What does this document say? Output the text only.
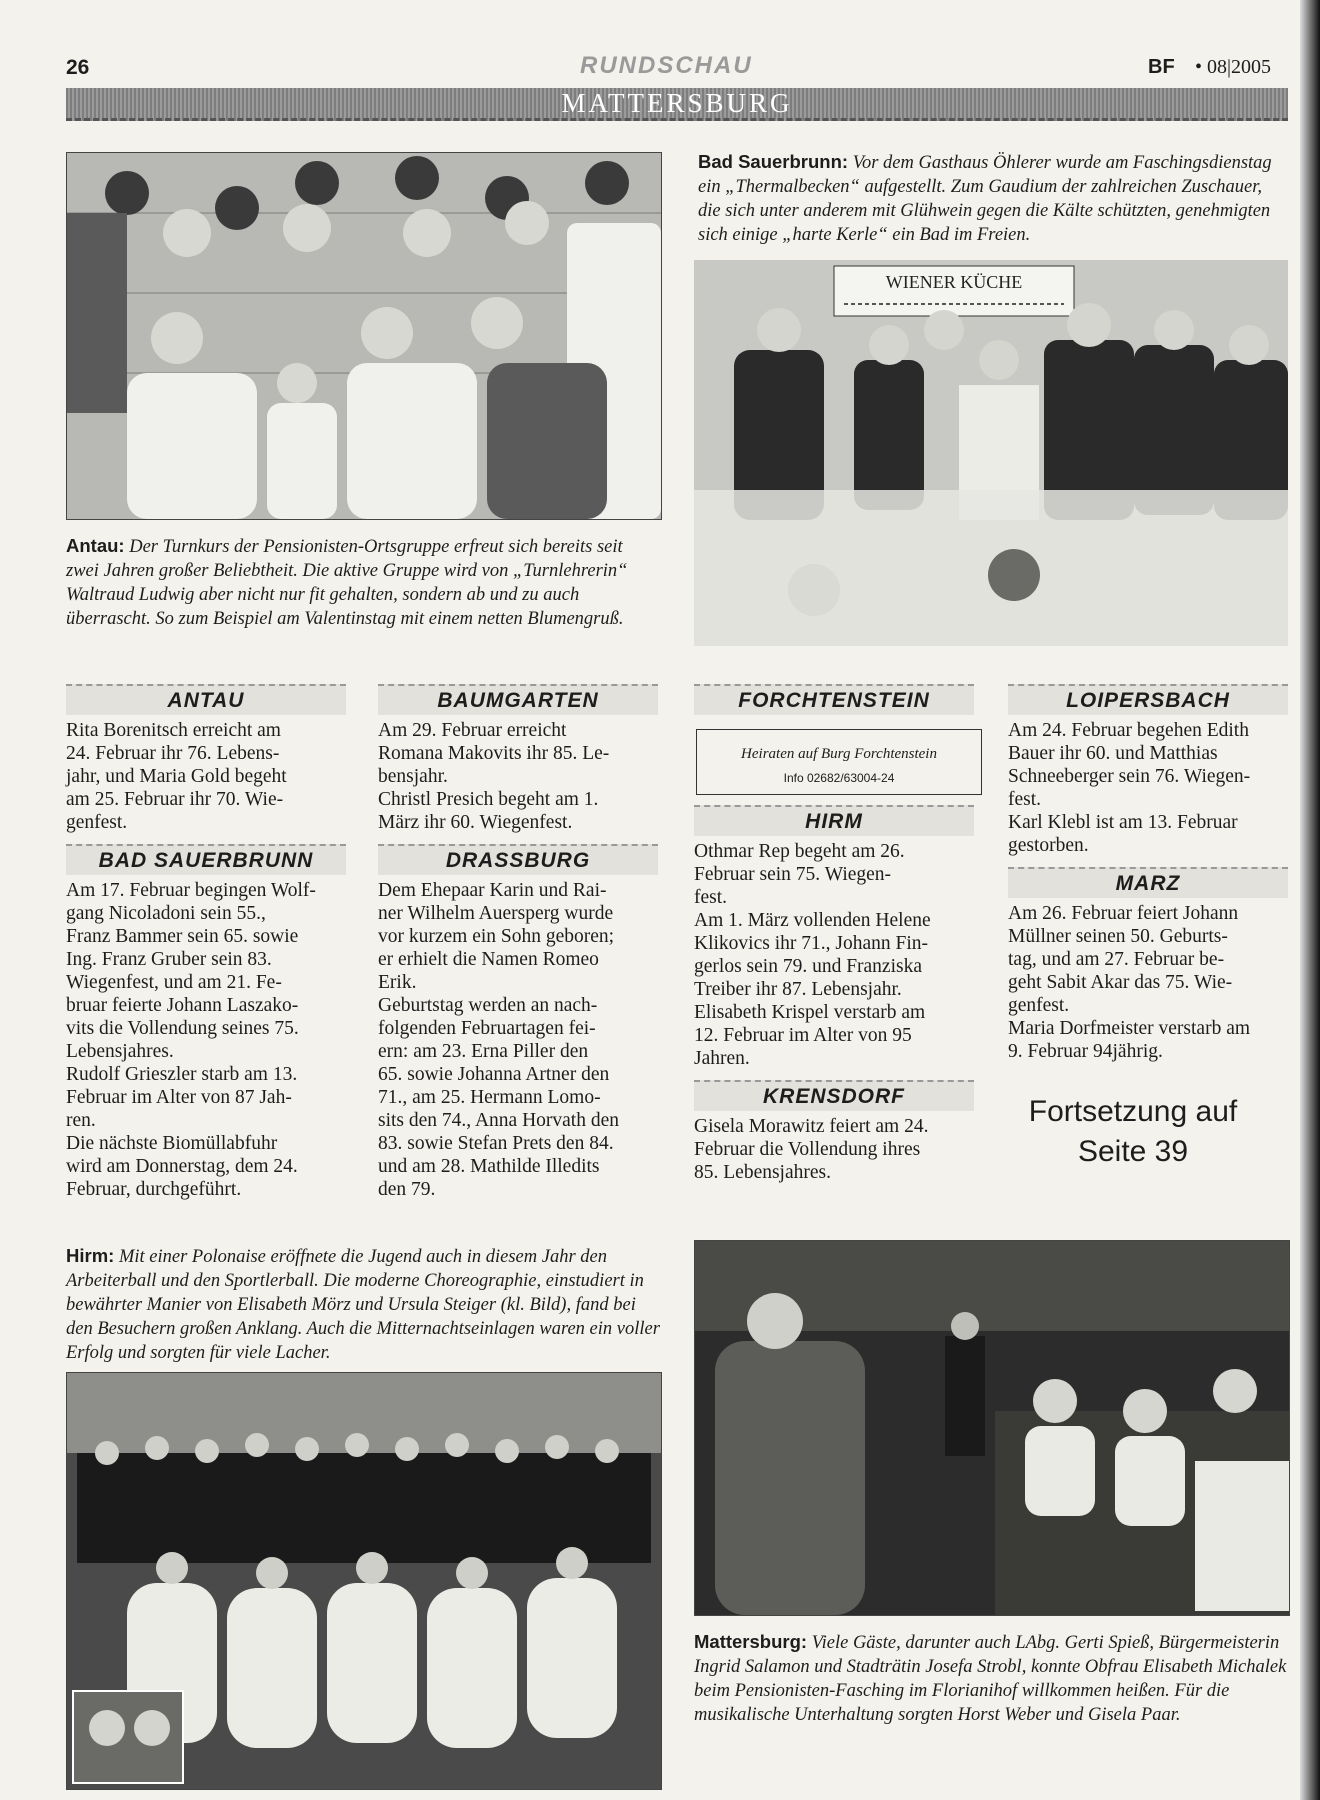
26	RUNDSCHAU	BF • 08|2005
MATTERSBURG
Bad Sauerbrunn: Vor dem Gasthaus Öhlerer wurde am Faschingsdienstag ein „Thermalbecken“ aufgestellt. Zum Gaudium der zahlreichen Zuschauer, die sich unter anderem mit Glühwein gegen die Kälte schützten, genehmigten sich einige „harte Kerle“ ein Bad im Freien.
WIENER KÜCHE
Antau: Der Turnkurs der Pensionisten-Ortsgruppe erfreut sich bereits seit zwei Jahren großer Beliebtheit. Die aktive Gruppe wird von „Turnlehrerin“ Waltraud Ludwig aber nicht nur fit gehalten, sondern ab und zu auch überrascht. So zum Beispiel am Valentinstag mit einem netten Blumengruß.
ANTAU
Rita Borenitsch erreicht am
24. Februar ihr 76. Lebens-
jahr, und Maria Gold begeht
am 25. Februar ihr 70. Wie-
genfest.
BAD SAUERBRUNN
Am 17. Februar begingen Wolf-
gang Nicoladoni sein 55.,
Franz Bammer sein 65. sowie
Ing. Franz Gruber sein 83.
Wiegenfest, und am 21. Fe-
bruar feierte Johann Laszako-
vits die Vollendung seines 75.
Lebensjahres.
Rudolf Grieszler starb am 13.
Februar im Alter von 87 Jah-
ren.
Die nächste Biomüllabfuhr
wird am Donnerstag, dem 24.
Februar, durchgeführt.
BAUMGARTEN
Am 29. Februar erreicht
Romana Makovits ihr 85. Le-
bensjahr.
Christl Presich begeht am 1.
März ihr 60. Wiegenfest.
DRASSBURG
Dem Ehepaar Karin und Rai-
ner Wilhelm Auersperg wurde
vor kurzem ein Sohn geboren;
er erhielt die Namen Romeo
Erik.
Geburtstag werden an nach-
folgenden Februartagen fei-
ern: am 23. Erna Piller den
65. sowie Johanna Artner den
71., am 25. Hermann Lomo-
sits den 74., Anna Horvath den
83. sowie Stefan Prets den 84.
und am 28. Mathilde Illedits
den 79.
FORCHTENSTEIN
Heiraten auf Burg Forchtenstein
Info 02682/63004-24
HIRM
Othmar Rep begeht am 26.
Februar sein 75. Wiegen-
fest.
Am 1. März vollenden Helene
Klikovics ihr 71., Johann Fin-
gerlos sein 79. und Franziska
Treiber ihr 87. Lebensjahr.
Elisabeth Krispel verstarb am
12. Februar im Alter von 95
Jahren.
KRENSDORF
Gisela Morawitz feiert am 24.
Februar die Vollendung ihres
85. Lebensjahres.
LOIPERSBACH
Am 24. Februar begehen Edith
Bauer ihr 60. und Matthias
Schneeberger sein 76. Wiegen-
fest.
Karl Klebl ist am 13. Februar
gestorben.
MARZ
Am 26. Februar feiert Johann
Müllner seinen 50. Geburts-
tag, und am 27. Februar be-
geht Sabit Akar das 75. Wie-
genfest.
Maria Dorfmeister verstarb am
9. Februar 94jährig.
Fortsetzung auf
Seite 39
Hirm: Mit einer Polonaise eröffnete die Jugend auch in diesem Jahr den Arbeiterball und den Sportlerball. Die moderne Choreographie, einstudiert in bewährter Manier von Elisabeth Mörz und Ursula Steiger (kl. Bild), fand bei den Besuchern großen Anklang. Auch die Mitternachtseinlagen waren ein voller Erfolg und sorgten für viele Lacher.
Mattersburg: Viele Gäste, darunter auch LAbg. Gerti Spieß, Bürgermeisterin Ingrid Salamon und Stadträtin Josefa Strobl, konnte Obfrau Elisabeth Michalek beim Pensionisten-Fasching im Florianihof willkommen heißen. Für die musikalische Unterhaltung sorgten Horst Weber und Gisela Paar.
